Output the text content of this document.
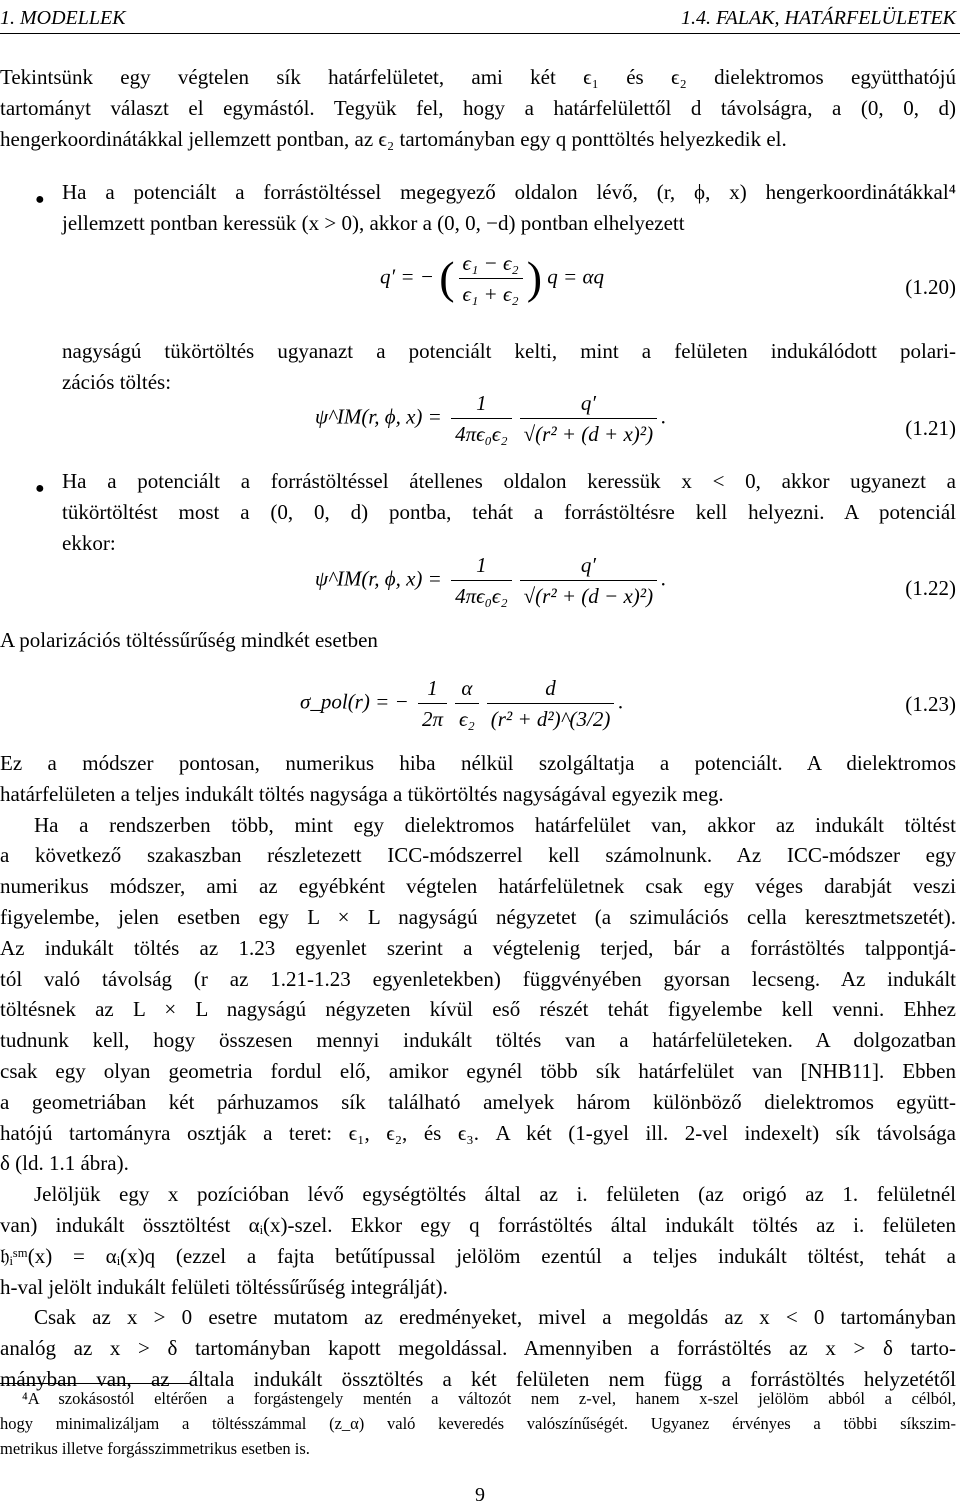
1. MODELLEK	1.4. FALAK, HATÁRFELÜLETEK
Tekintsünk egy végtelen sík határfelületet, ami két ϵ₁ és ϵ₂ dielektromos együtthatójú
tartományt választ el egymástól. Tegyük fel, hogy a határfelülettől d távolságra, a (0, 0, d)
hengerkoordinátákkal jellemzett pontban, az ϵ₂ tartományban egy q ponttöltés helyezkedik el.
● Ha a potenciált a forrástöltéssel megegyező oldalon lévő, (r, ϕ, x) hengerkoordinátákkal⁴
jellemzett pontban keressük (x > 0), akkor a (0, 0, −d) pontban elhelyezett
q′ = − ( $\frac{\text{ϵ₁ − ϵ₂}}{\text{ϵ₁ + ϵ₂}}$ ) q = αq	(1.20)
nagyságú tükörtöltés ugyanazt a potenciált kelti, mint a felületen indukálódott polari-
zációs töltés:
ψ^IM(r, ϕ, $x) = \frac{1}{\text{4πϵ₀ϵ₂}} \frac{q'}{\text{√(r² + (d + x)²)}}$ .	(1.21)
● Ha a potenciált a forrástöltéssel átellenes oldalon keressük x < 0, akkor ugyanezt a
tükörtöltést most a (0, 0, d) pontba, tehát a forrástöltésre kell helyezni. A potenciál
ekkor:
ψ^IM(r, ϕ, $x) = \frac{1}{\text{4πϵ₀ϵ₂}} \frac{q'}{\text{√(r² + (d − x)²)}}$ .	(1.22)
A polarizációs töltéssűrűség mindkét esetben
σ_pol(r) = − $\frac{1}{2\pi} \frac{\alpha}{\text{ϵ₂}} \frac{d}{\text{(r² + d²)\textasciicircum{}(3/2)}}$ .	(1.23)
Ez a módszer pontosan, numerikus hiba nélkül szolgáltatja a potenciált. A dielektromos
határfelületen a teljes indukált töltés nagysága a tükörtöltés nagyságával egyezik meg.
Ha a rendszerben több, mint egy dielektromos határfelület van, akkor az indukált töltést
a következő szakaszban részletezett ICC-módszerrel kell számolnunk. Az ICC-módszer egy
numerikus módszer, ami az egyébként végtelen határfelületnek csak egy véges darabját veszi
figyelembe, jelen esetben egy L × L nagyságú négyzetet (a szimulációs cella keresztmetszetét).
Az indukált töltés az 1.23 egyenlet szerint a végtelenig terjed, bár a forrástöltés talppontjá-
tól való távolság (r az 1.21-1.23 egyenletekben) függvényében gyorsan lecseng. Az indukált
töltésnek az L × L nagyságú négyzeten kívül eső részét tehát figyelembe kell venni. Ehhez
tudnunk kell, hogy összesen mennyi indukált töltés van a határfelületeken. A dolgozatban
csak egy olyan geometria fordul elő, amikor egynél több sík határfelület van [NHB11]. Ebben
a geometriában két párhuzamos sík található amelyek három különböző dielektromos együtt-
hatójú tartományra osztják a teret: ϵ₁, ϵ₂, és ϵ₃. A két (1-gyel ill. 2-vel indexelt) sík távolsága
δ (ld. 1.1 ábra).
Jelöljük egy x pozícióban lévő egységtöltés által az i. felületen (az origó az 1. felületnél
van) indukált össztöltést αᵢ(x)-szel. Ekkor egy q forrástöltés által indukált töltés az i. felületen
𝔥ᵢˢᵐ(x) = αᵢ(x)q (ezzel a fajta betűtípussal jelölöm ezentúl a teljes indukált töltést, tehát a
h-val jelölt indukált felületi töltéssűrűség integrálját).
Csak az x > 0 esetre mutatom az eredményeket, mivel a megoldás az x < 0 tartományban
analóg az x > δ tartományban kapott megoldással. Amennyiben a forrástöltés az x > δ tarto-
mányban van, az általa indukált össztöltés a két felületen nem függ a forrástöltés helyzetétől
⁴A szokásostól eltérően a forgástengely mentén a változót nem z-vel, hanem x-szel jelölöm abból a célból,
hogy minimalizáljam a töltésszámmal (z_α) való keveredés valószínűségét. Ugyanez érvényes a többi síkszim-
metrikus illetve forgásszimmetrikus esetben is.
9
